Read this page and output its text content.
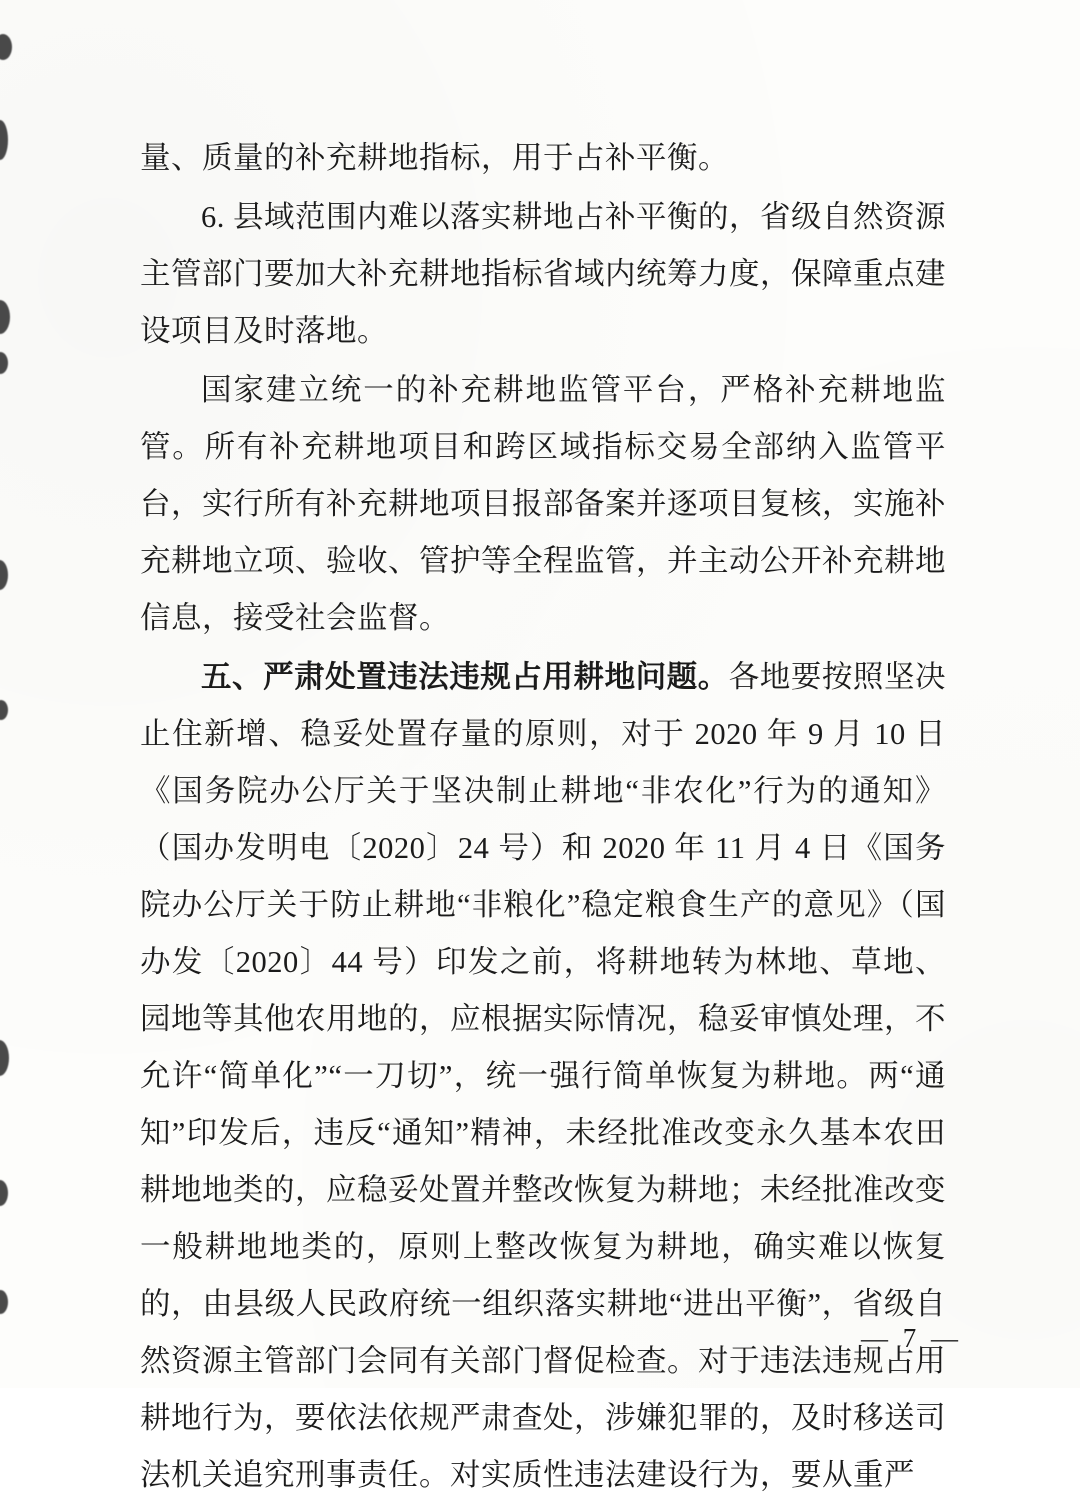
量、质量的补充耕地指标，用于占补平衡。

6. 县域范围内难以落实耕地占补平衡的，省级自然资源主管部门要加大补充耕地指标省域内统筹力度，保障重点建设项目及时落地。

国家建立统一的补充耕地监管平台，严格补充耕地监管。所有补充耕地项目和跨区域指标交易全部纳入监管平台，实行所有补充耕地项目报部备案并逐项目复核，实施补充耕地立项、验收、管护等全程监管，并主动公开补充耕地信息，接受社会监督。

五、严肃处置违法违规占用耕地问题。各地要按照坚决止住新增、稳妥处置存量的原则，对于 2020 年 9 月 10 日《国务院办公厅关于坚决制止耕地“非农化”行为的通知》（国办发明电〔2020〕24 号）和 2020 年 11 月 4 日《国务院办公厅关于防止耕地“非粮化”稳定粮食生产的意见》（国办发〔2020〕44 号）印发之前，将耕地转为林地、草地、园地等其他农用地的，应根据实际情况，稳妥审慎处理，不允许“简单化”“一刀切”，统一强行简单恢复为耕地。两“通知”印发后，违反“通知”精神，未经批准改变永久基本农田耕地地类的，应稳妥处置并整改恢复为耕地；未经批准改变一般耕地地类的，原则上整改恢复为耕地，确实难以恢复的，由县级人民政府统一组织落实耕地“进出平衡”，省级自然资源主管部门会同有关部门督促检查。对于违法违规占用耕地行为，要依法依规严肃查处，涉嫌犯罪的，及时移送司法机关追究刑事责任。对实质性违法建设行为，要从重严

— 7 —
